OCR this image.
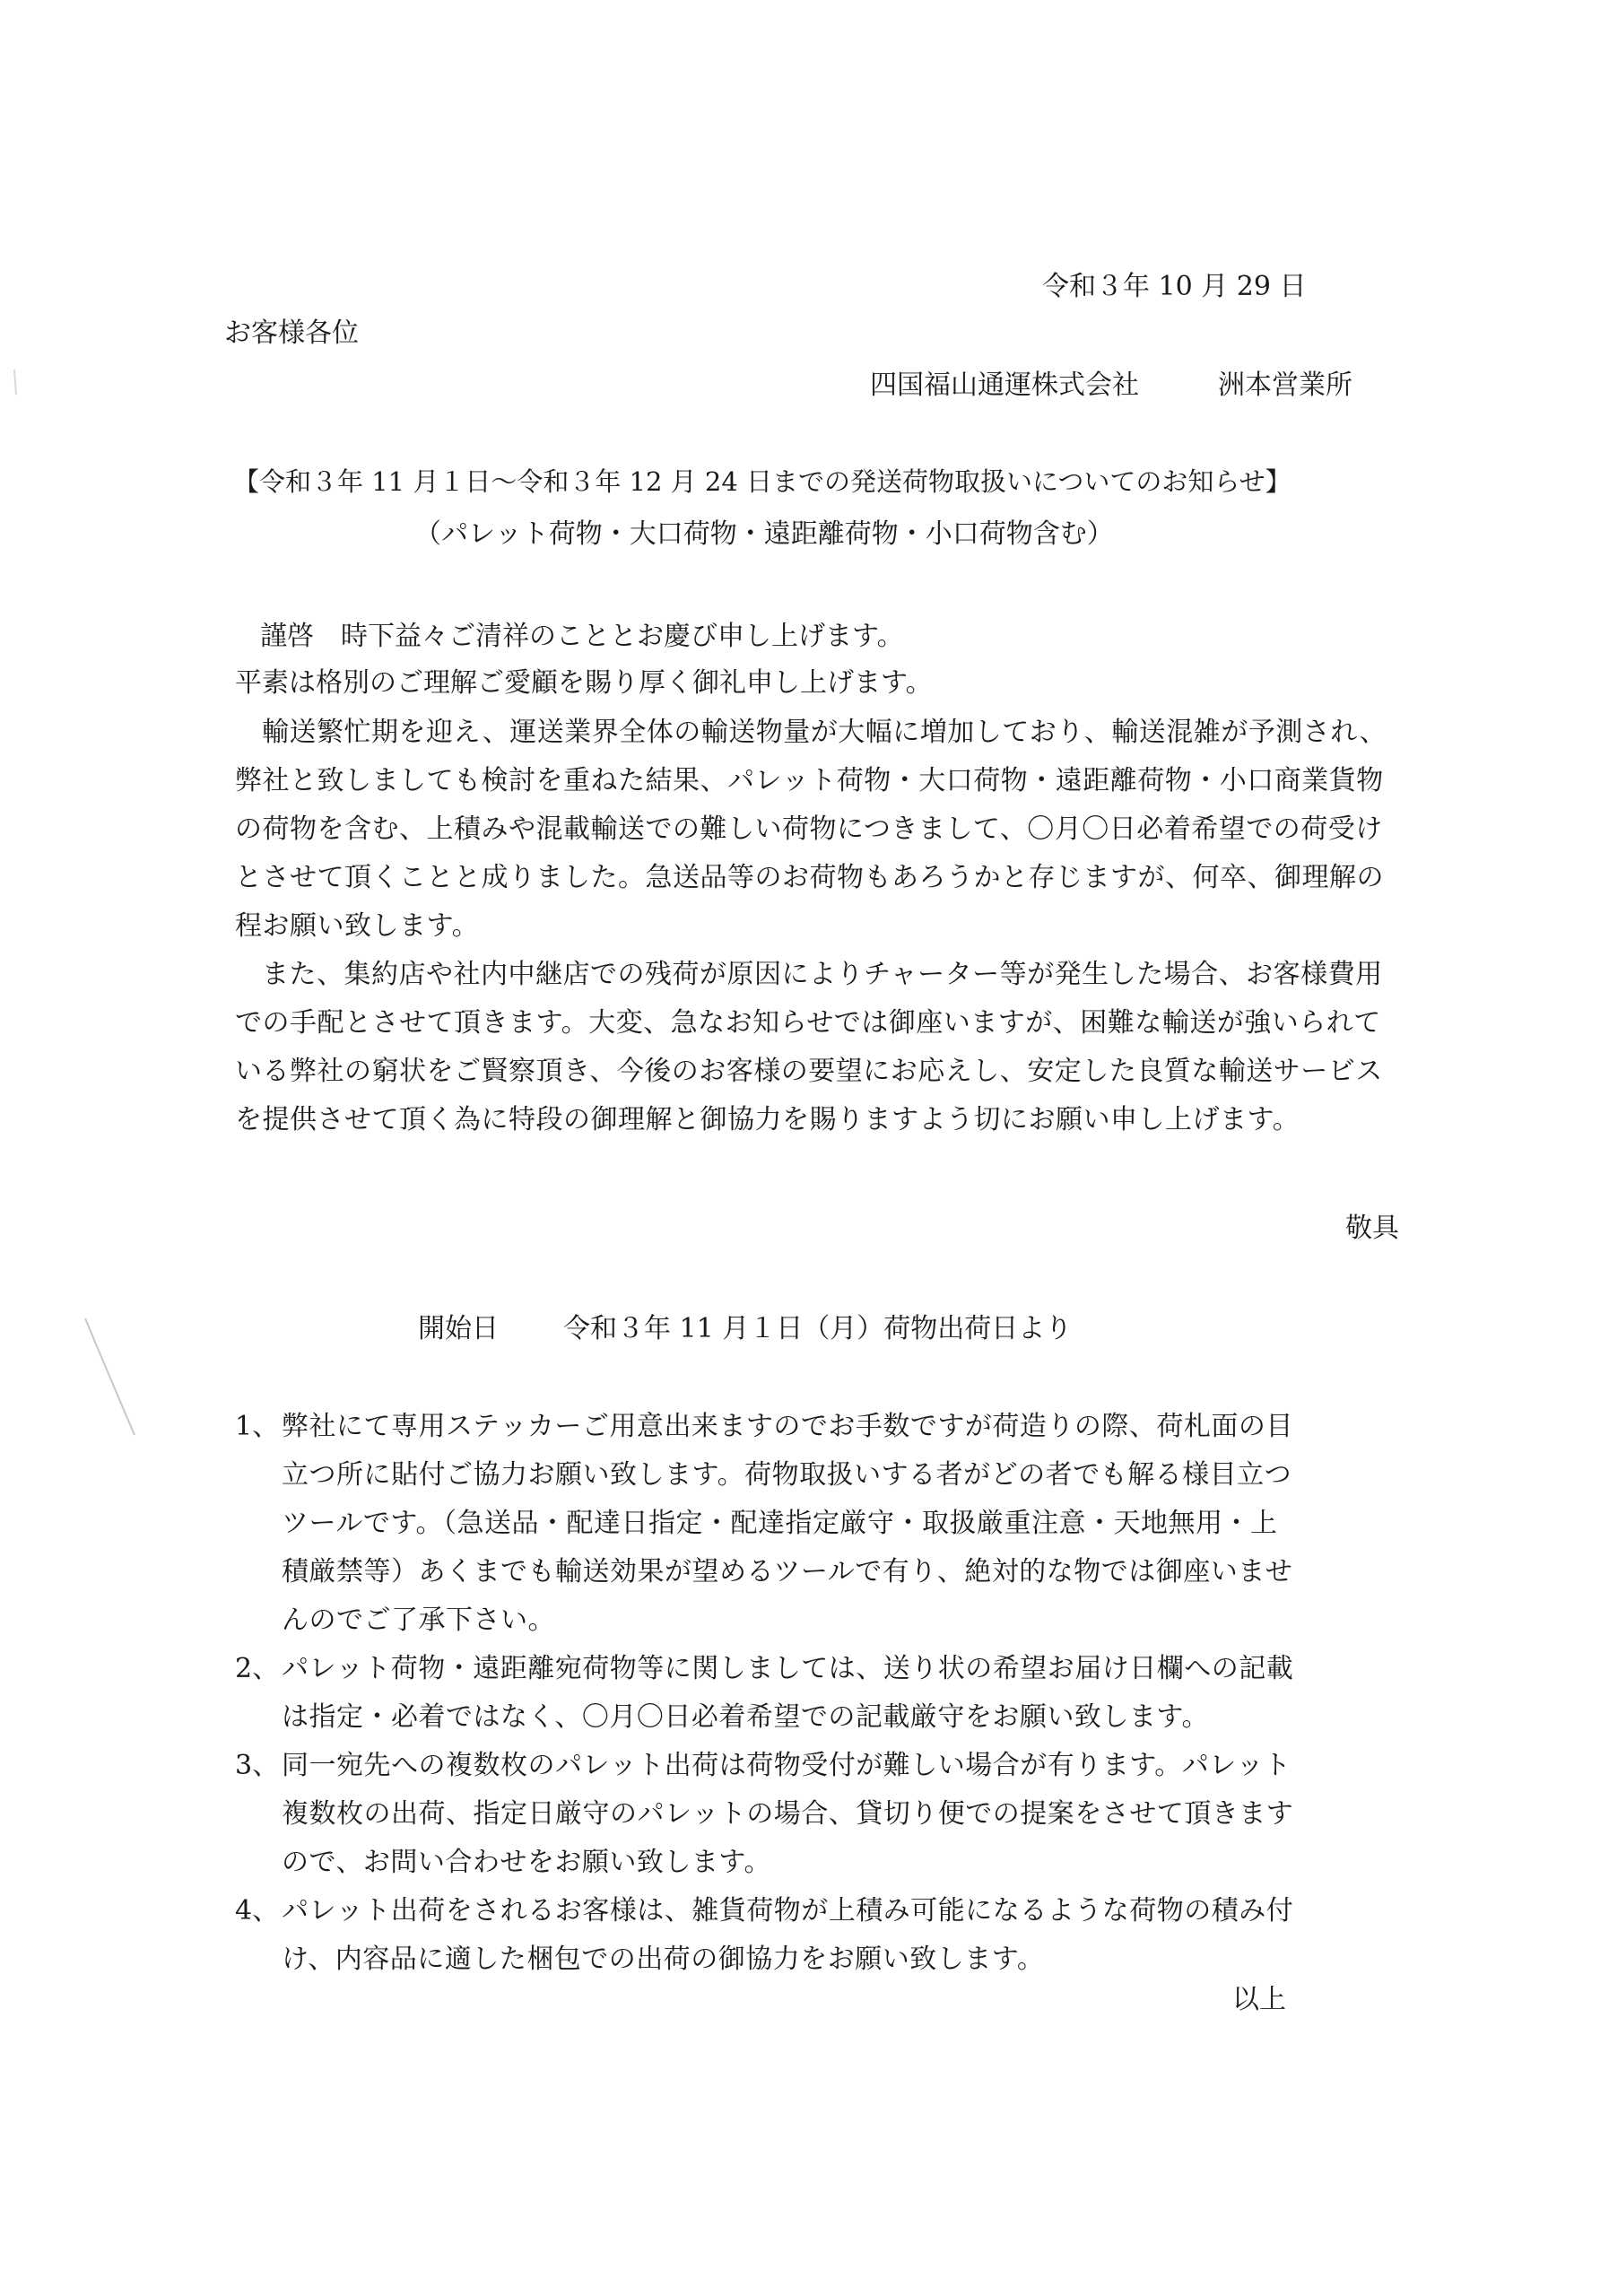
令和３年 10 月 29 日

お客様各位

四国福山通運株式会社	洲本営業所

【令和３年 11 月１日～令和３年 12 月 24 日までの発送荷物取扱いについてのお知らせ】

（パレット荷物・大口荷物・遠距離荷物・小口荷物含む）

謹啓　時下益々ご清祥のこととお慶び申し上げます。

平素は格別のご理解ご愛顧を賜り厚く御礼申し上げます。

輸送繁忙期を迎え、運送業界全体の輸送物量が大幅に増加しており、輸送混雑が予測され、弊社と致しましても検討を重ねた結果、パレット荷物・大口荷物・遠距離荷物・小口商業貨物の荷物を含む、上積みや混載輸送での難しい荷物につきまして、〇月〇日必着希望での荷受けとさせて頂くことと成りました。急送品等のお荷物もあろうかと存じますが、何卒、御理解の程お願い致します。

また、集約店や社内中継店での残荷が原因によりチャーター等が発生した場合、お客様費用での手配とさせて頂きます。大変、急なお知らせでは御座いますが、困難な輸送が強いられている弊社の窮状をご賢察頂き、今後のお客様の要望にお応えし、安定した良質な輸送サービスを提供させて頂く為に特段の御理解と御協力を賜りますよう切にお願い申し上げます。

敬具

開始日 令和３年 11 月１日（月）荷物出荷日より

1、 弊社にて専用ステッカーご用意出来ますのでお手数ですが荷造りの際、荷札面の目立つ所に貼付ご協力お願い致します。荷物取扱いする者がどの者でも解る様目立つツールです。（急送品・配達日指定・配達指定厳守・取扱厳重注意・天地無用・上積厳禁等）あくまでも輸送効果が望めるツールで有り、絶対的な物では御座いませんのでご了承下さい。
2、 パレット荷物・遠距離宛荷物等に関しましては、送り状の希望お届け日欄への記載は指定・必着ではなく、〇月〇日必着希望での記載厳守をお願い致します。
3、 同一宛先への複数枚のパレット出荷は荷物受付が難しい場合が有ります。パレット複数枚の出荷、指定日厳守のパレットの場合、貸切り便での提案をさせて頂きますので、お問い合わせをお願い致します。
4、 パレット出荷をされるお客様は、雑貨荷物が上積み可能になるような荷物の積み付け、内容品に適した梱包での出荷の御協力をお願い致します。

以上
